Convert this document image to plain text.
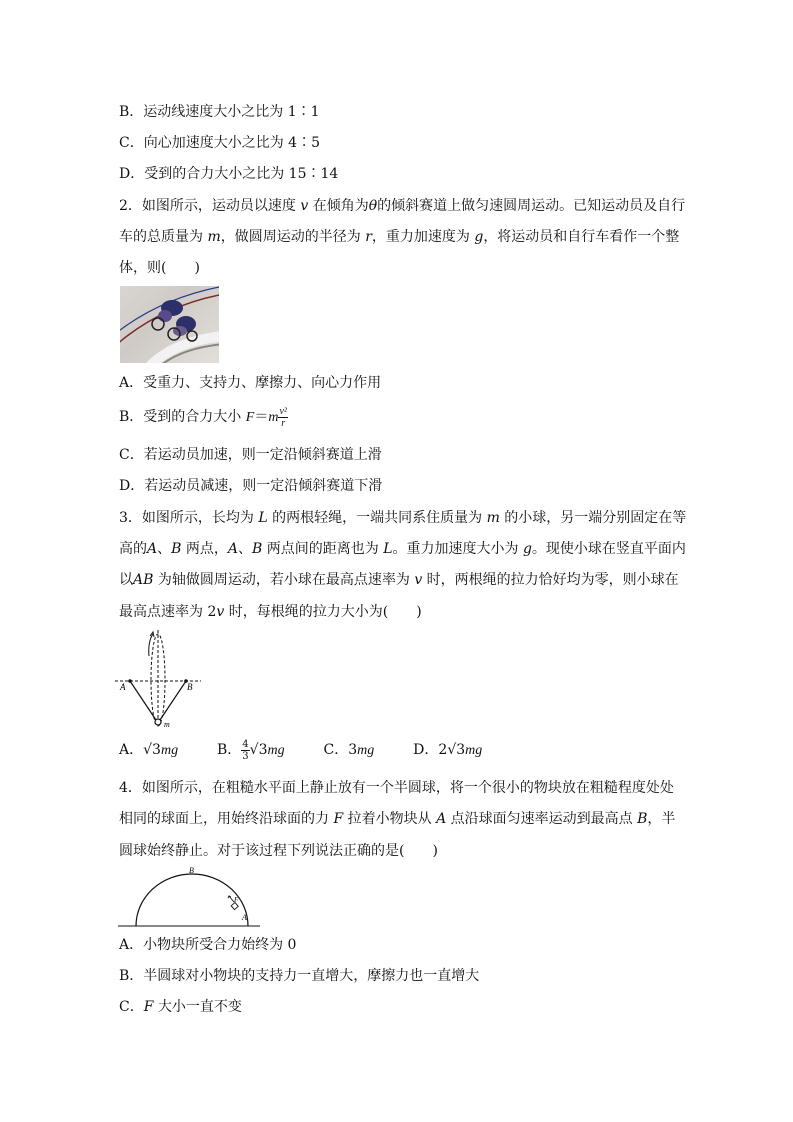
B．运动线速度大小之比为 1∶1
C．向心加速度大小之比为 4∶5
D．受到的合力大小之比为 15∶14
2．如图所示，运动员以速度 v 在倾角为θ的倾斜赛道上做匀速圆周运动。已知运动员及自行
车的总质量为 m，做圆周运动的半径为 r，重力加速度为 g，将运动员和自行车看作一个整
体，则(　　)
A．受重力、支持力、摩擦力、向心力作用
B．受到的合力大小 $F=m \frac{\text{v²}}{r}$
C．若运动员加速，则一定沿倾斜赛道上滑
D．若运动员减速，则一定沿倾斜赛道下滑
3．如图所示，长均为 L 的两根轻绳，一端共同系住质量为 m 的小球，另一端分别固定在等
高的A、B 两点，A、B 两点间的距离也为 L。重力加速度大小为 g。现使小球在竖直平面内
以AB 为轴做圆周运动，若小球在最高点速率为 v 时，两根绳的拉力恰好均为零，则小球在
最高点速率为 2v 时，每根绳的拉力大小为(　　)
A	B
m
A．√3mg	B． $\frac{4}{3} √3mg$	C．3mg	D．2√3mg
4．如图所示，在粗糙水平面上静止放有一个半圆球，将一个很小的物块放在粗糙程度处处
相同的球面上，用始终沿球面的力 F 拉着小物块从 A 点沿球面匀速率运动到最高点 B，半
圆球始终静止。对于该过程下列说法正确的是(　　)
B
F
A
A．小物块所受合力始终为 0
B．半圆球对小物块的支持力一直增大，摩擦力也一直增大
C．F 大小一直不变
